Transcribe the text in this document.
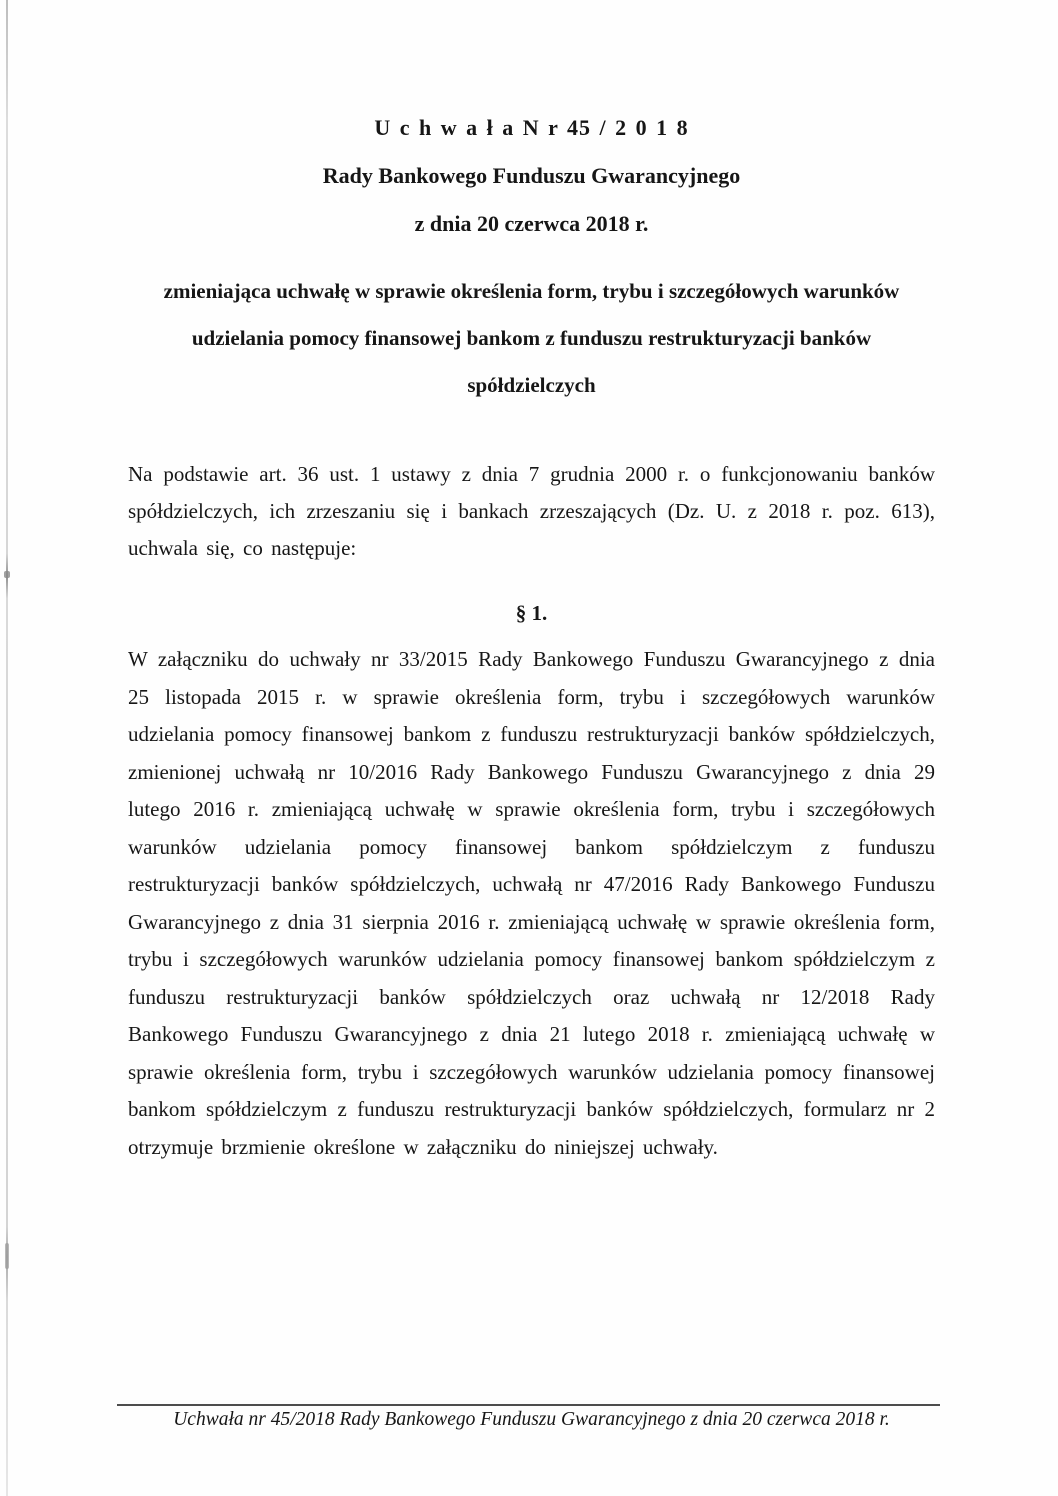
U c h w a ł a N r 45 / 2 0 1 8
Rady Bankowego Funduszu Gwarancyjnego
z dnia 20 czerwca 2018 r.
zmieniająca uchwałę w sprawie określenia form, trybu i szczegółowych warunków udzielania pomocy finansowej bankom z funduszu restrukturyzacji banków spółdzielczych
Na podstawie art. 36 ust. 1 ustawy z dnia 7 grudnia 2000 r. o funkcjonowaniu banków spółdzielczych, ich zrzeszaniu się i bankach zrzeszających (Dz. U. z 2018 r. poz. 613), uchwala się, co następuje:
§ 1.
W załączniku do uchwały nr 33/2015 Rady Bankowego Funduszu Gwarancyjnego z dnia 25 listopada 2015 r. w sprawie określenia form, trybu i szczegółowych warunków udzielania pomocy finansowej bankom z funduszu restrukturyzacji banków spółdzielczych, zmienionej uchwałą nr 10/2016 Rady Bankowego Funduszu Gwarancyjnego z dnia 29 lutego 2016 r. zmieniającą uchwałę w sprawie określenia form, trybu i szczegółowych warunków udzielania pomocy finansowej bankom spółdzielczym z funduszu restrukturyzacji banków spółdzielczych, uchwałą nr 47/2016 Rady Bankowego Funduszu Gwarancyjnego z dnia 31 sierpnia 2016 r. zmieniającą uchwałę w sprawie określenia form, trybu i szczegółowych warunków udzielania pomocy finansowej bankom spółdzielczym z funduszu restrukturyzacji banków spółdzielczych oraz uchwałą nr 12/2018 Rady Bankowego Funduszu Gwarancyjnego z dnia 21 lutego 2018 r. zmieniającą uchwałę w sprawie określenia form, trybu i szczegółowych warunków udzielania pomocy finansowej bankom spółdzielczym z funduszu restrukturyzacji banków spółdzielczych, formularz nr 2 otrzymuje brzmienie określone w załączniku do niniejszej uchwały.
Uchwała nr 45/2018 Rady Bankowego Funduszu Gwarancyjnego z dnia 20 czerwca 2018 r.
